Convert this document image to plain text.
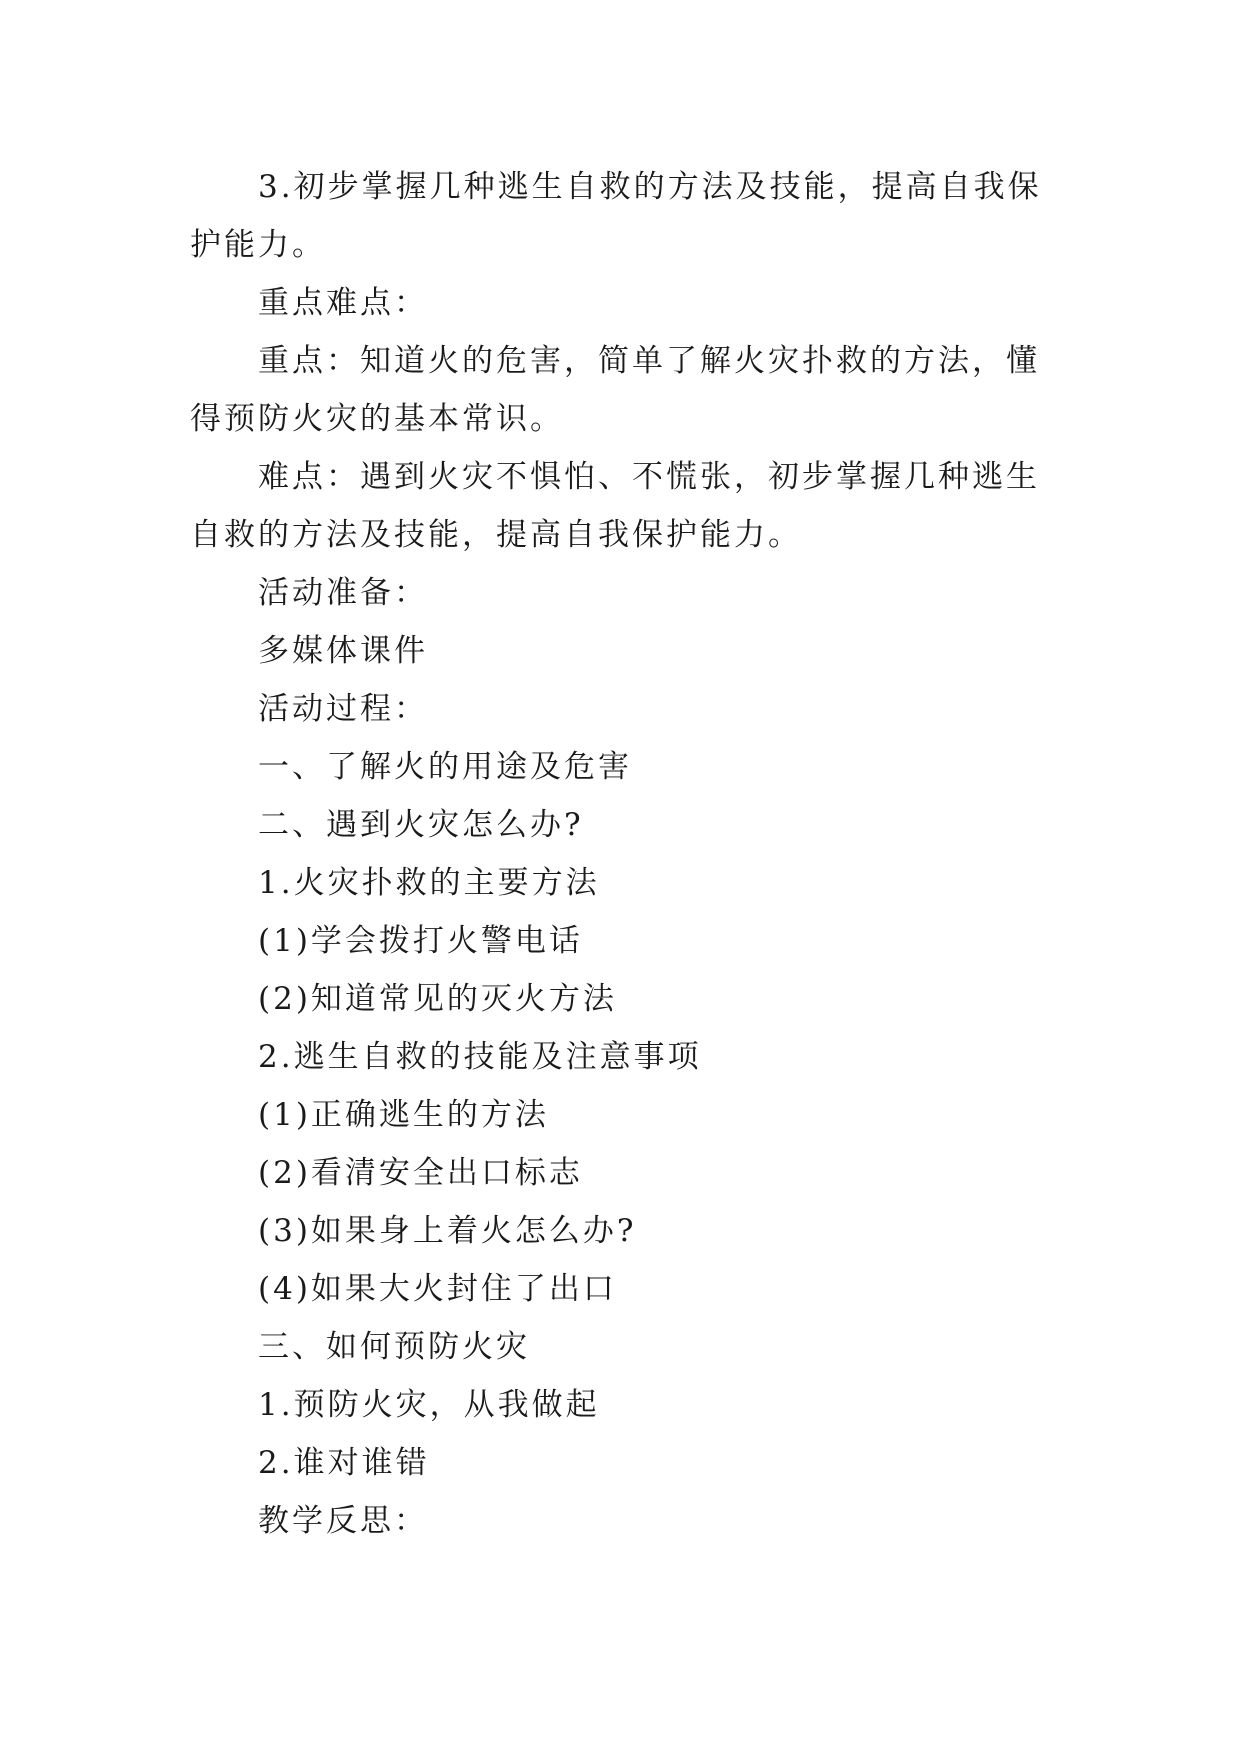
3.初步掌握几种逃生自救的方法及技能，提高自我保护能力。

重点难点：

重点：知道火的危害，简单了解火灾扑救的方法，懂得预防火灾的基本常识。

难点：遇到火灾不惧怕、不慌张，初步掌握几种逃生自救的方法及技能，提高自我保护能力。

活动准备：

多媒体课件

活动过程：

一、了解火的用途及危害

二、遇到火灾怎么办?

1.火灾扑救的主要方法

(1)学会拨打火警电话

(2)知道常见的灭火方法

2.逃生自救的技能及注意事项

(1)正确逃生的方法

(2)看清安全出口标志

(3)如果身上着火怎么办?

(4)如果大火封住了出口

三、如何预防火灾

1.预防火灾，从我做起

2.谁对谁错

教学反思：
